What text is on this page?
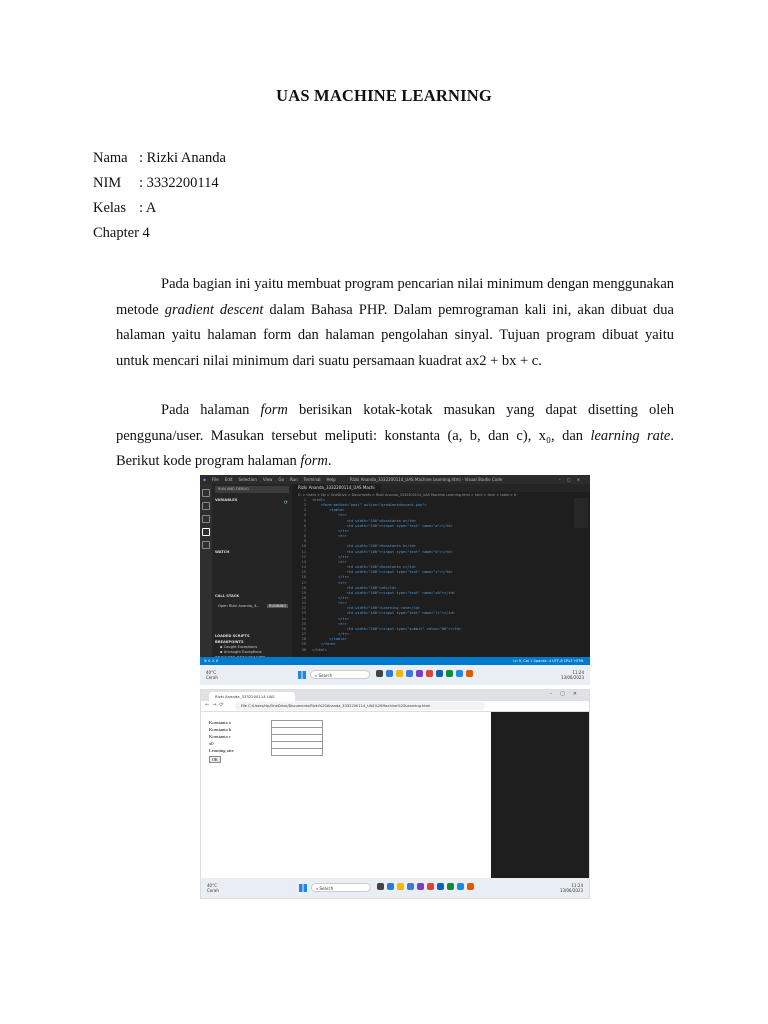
UAS MACHINE LEARNING
Nama : Rizki Ananda
NIM : 3332200114
Kelas : A
Chapter 4
Pada bagian ini yaitu membuat program pencarian nilai minimum dengan menggunakan metode gradient descent dalam Bahasa PHP. Dalam pemrograman kali ini, akan dibuat dua halaman yaitu halaman form dan halaman pengolahan sinyal. Tujuan program dibuat yaitu untuk mencari nilai minimum dari suatu persamaan kuadrat ax2 + bx + c.
Pada halaman form berisikan kotak-kotak masukan yang dapat disetting oleh pengguna/user. Masukan tersebut meliputi: konstanta (a, b, dan c), x₀, dan learning rate. Berikut kode program halaman form.
◆ File Edit Selection View Go Run Terminal Help	Rizki Ananda_3332200114_UAS Machine Learning.html - Visual Studio Code	–▢✕
RUN AND DEBUG
VARIABLES	⟳
WATCH
CALL STACK
Open Rizki Ananda_3...	RUNNING
LOADED SCRIPTS
BREAKPOINTS
▪ Caught Exceptions
▪ Uncaught Exceptions
Rizki Ananda_3332200114_UAS Machi
C: > Users > Hp > OneDrive > Documents > Rizki Ananda_3332200114_UAS Machine Learning.html > html > form > table > tr
1 <html>
2    <form method="post" action="gradientdescent.php">
3        <table>
4            <tr>
5                <td width="100">Konstanta a</td>
6                <td width="100"><input type="text" name="a"></td>
7            </tr>
8            <tr>
9
10                <td width="100">Konstanta b</td>
11                <td width="100"><input type="text" name="b"></td>
12            </tr>
13            <tr>
14                <td width="100">Konstanta c</td>
15                <td width="100"><input type="text" name="c"></td>
16            </tr>
17            <tr>
18                <td width="100">x0</td>
19                <td width="100"><input type="text" name="x0"></td>
20            </tr>
21            <tr>
22                <td width="100">Learning rate</td>
23                <td width="100"><input type="text" name="lr"></td>
24            </tr>
25            <tr>
26                <td width="100"><input type="submit" value="OK"></td>
27            </tr>
28        </table>
29    </form>
30 </html>
⊗ 0 ⚠ 0	Ln 9, Col 1 Spaces: 4 UTF-8 CRLF HTML
40°C
Cerah	⌕ Search
11:24
13/06/2023
Rizki Ananda_3332200114 UAS	–▢✕
←→⟳	File C:/Users/Hp/OneDrive/Documents/Rizki%20Ananda_3332200114_UAS%20Machine%20Learning.html
Konstanta a
Konstanta b
Konstanta c
x0
Learning rate
OK
40°C
Cerah	⌕ Search
11:24
13/06/2023
